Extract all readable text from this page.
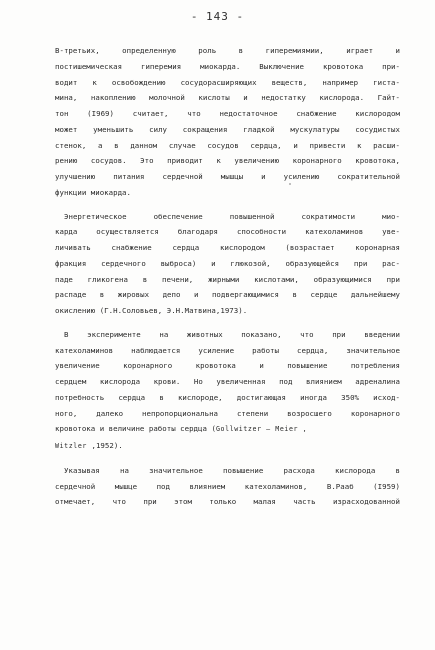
- 143 -
В-третьих, определенную роль в гиперемиямии, играет и
постишемическая гиперемия миокарда. Выключение кровотока при-
водит к освобождению сосудорасширяющих веществ, например гиста-
мина, накоплению молочной кислоты и недостатку кислорода. Гайт-
тон (I969) считает, что недостаточное снабжение кислородом
может уменьшить силу сокращения гладкой мускулатуры сосудистых
стенок, а в данном случае сосудов сердца, и привести к расши-
рению сосудов. Это приводит к увеличению коронарного кровотока,
улучшению питания сердечной мышцы и усилению сократительной
функции миокарда.
Энергетическое обеспечение повышенной сократимости мио-
карда осуществляется благодаря способности катехоламинов уве-
личивать снабжение сердца кислородом (возрастает коронарная
фракция сердечного выброса) и глюкозой, образующейся при рас-
паде гликогена в печени, жирными кислотами, образующимися при
распаде в жировых депо и подвергающимися в сердце дальнейшему
окислению (Г.Н.Соловьев, Э.Н.Матвина,1973).
В эксперименте на животных показано, что при введении
катехоламинов наблюдается усиление работы сердца, значительное
увеличение коронарного кровотока и повышение потребления
сердцем кислорода крови. Но увеличенная под влиянием адреналина
потребность сердца в кислороде, достигающая иногда 350% исход-
ного, далеко непропорциональна степени возросшего коронарного
кровотока и величине работы сердца (Gollwitzer – Meier ,
Witzler ,1952).
Указывая на значительное повышение расхода кислорода в
сердечной мышце под влиянием катехоламинов, В.Рааб (I959)
отмечает, что при этом только малая часть израсходованной
